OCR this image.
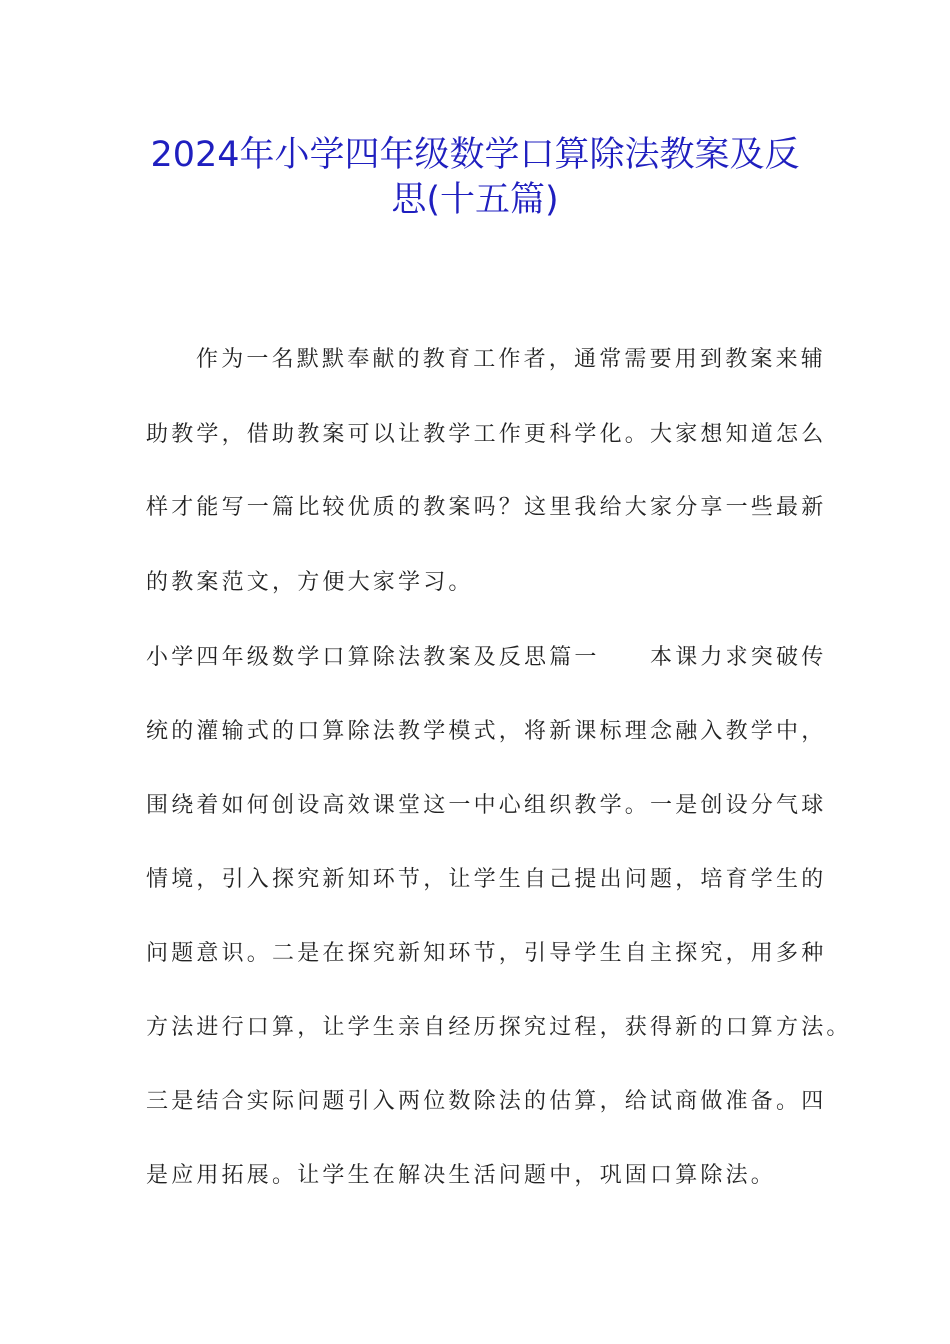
2024年小学四年级数学口算除法教案及反
思(十五篇)
作为一名默默奉献的教育工作者，通常需要用到教案来辅
助教学，借助教案可以让教学工作更科学化。大家想知道怎么
样才能写一篇比较优质的教案吗？这里我给大家分享一些最新
的教案范文，方便大家学习。
小学四年级数学口算除法教案及反思篇一　　本课力求突破传
统的灌输式的口算除法教学模式，将新课标理念融入教学中，
围绕着如何创设高效课堂这一中心组织教学。一是创设分气球
情境，引入探究新知环节，让学生自己提出问题，培育学生的
问题意识。二是在探究新知环节，引导学生自主探究，用多种
方法进行口算，让学生亲自经历探究过程，获得新的口算方法。
三是结合实际问题引入两位数除法的估算，给试商做准备。四
是应用拓展。让学生在解决生活问题中，巩固口算除法。
